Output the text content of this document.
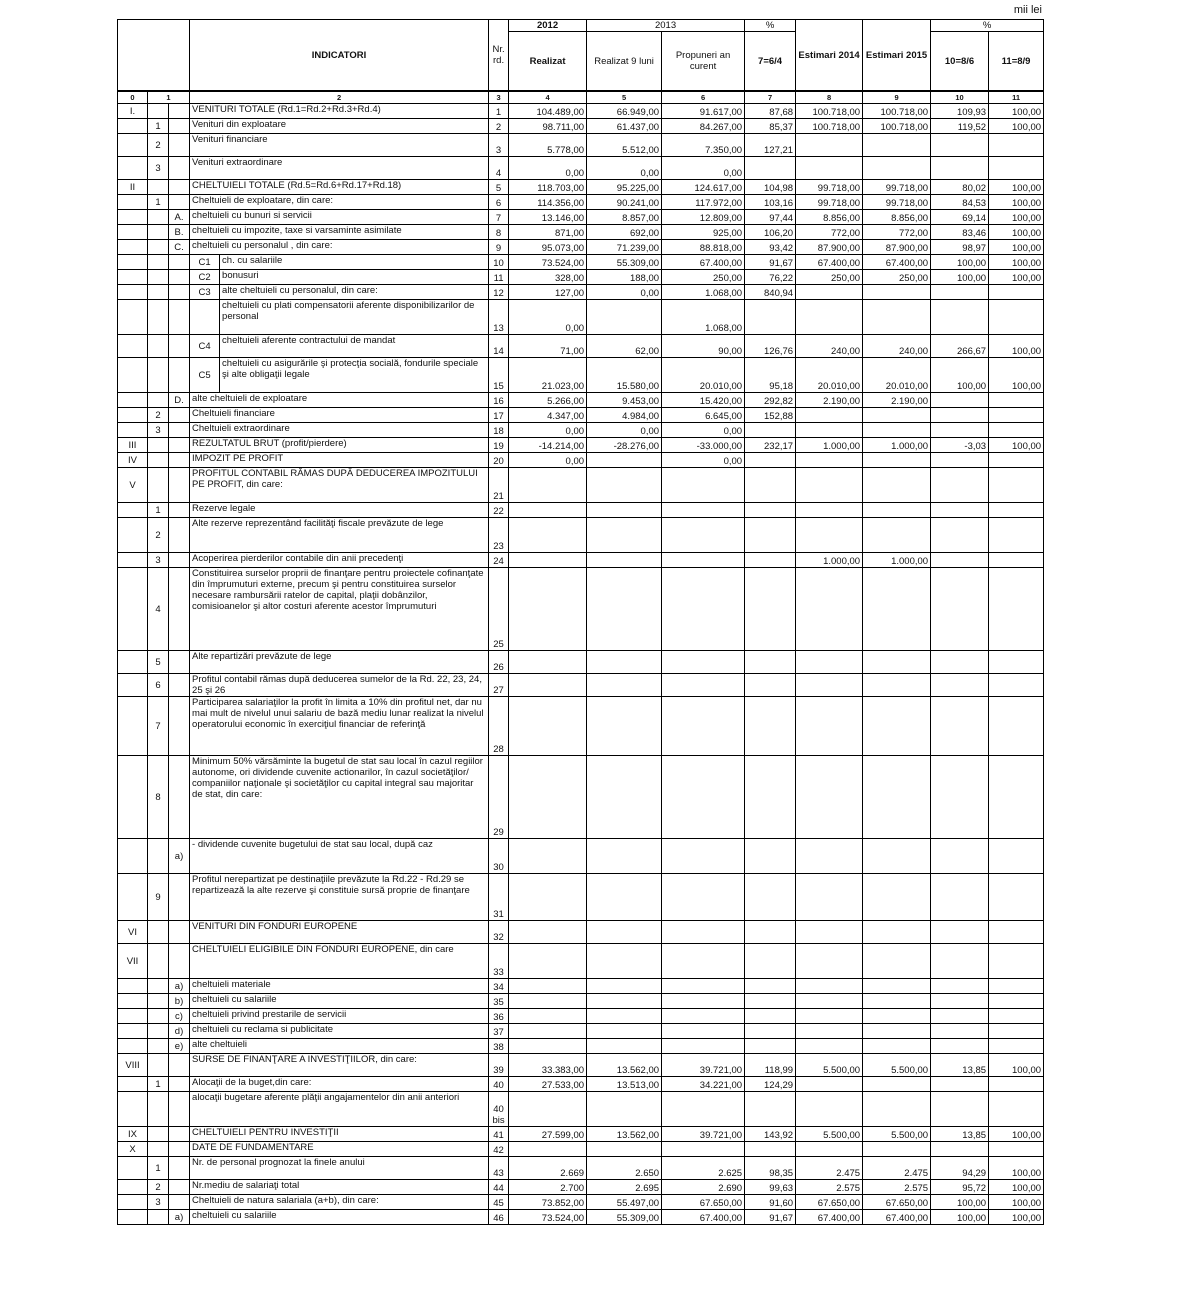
mii lei
			INDICATORI		Nr. rd.	2012	2013		%	Estimari 2014	Estimari 2015	%	
						Realizat	Realizat 9 luni	Propuneri an curent	7=6/4			10=8/6	11=8/9
0	1		2		3	4	5	6	7	8	9	10	11
I.			VENITURI TOTALE (Rd.1=Rd.2+Rd.3+Rd.4)		1	104.489,00	66.949,00	91.617,00	87,68	100.718,00	100.718,00	109,93	100,00
	1		Venituri din exploatare		2	98.711,00	61.437,00	84.267,00	85,37	100.718,00	100.718,00	119,52	100,00
	2		Venituri financiare		3	5.778,00	5.512,00	7.350,00	127,21				
	3		Venituri extraordinare		4	0,00	0,00	0,00					
II			CHELTUIELI TOTALE (Rd.5=Rd.6+Rd.17+Rd.18)		5	118.703,00	95.225,00	124.617,00	104,98	99.718,00	99.718,00	80,02	100,00
	1		Cheltuieli de exploatare, din care:		6	114.356,00	90.241,00	117.972,00	103,16	99.718,00	99.718,00	84,53	100,00
		A.	cheltuieli cu bunuri si servicii		7	13.146,00	8.857,00	12.809,00	97,44	8.856,00	8.856,00	69,14	100,00
		B.	cheltuieli cu impozite, taxe si varsaminte asimilate		8	871,00	692,00	925,00	106,20	772,00	772,00	83,46	100,00
		C.	cheltuieli cu personalul , din care:		9	95.073,00	71.239,00	88.818,00	93,42	87.900,00	87.900,00	98,97	100,00
			C1	ch. cu salariile	10	73.524,00	55.309,00	67.400,00	91,67	67.400,00	67.400,00	100,00	100,00
			C2	bonusuri	11	328,00	188,00	250,00	76,22	250,00	250,00	100,00	100,00
			C3	alte cheltuieli cu personalul, din care:	12	127,00	0,00	1.068,00	840,94				
				cheltuieli cu plati compensatorii aferente disponibilizarilor de personal	13	0,00		1.068,00					
			C4	cheltuieli aferente contractului de mandat	14	71,00	62,00	90,00	126,76	240,00	240,00	266,67	100,00
			C5	cheltuieli cu asigurările şi protecţia socială, fondurile speciale şi alte obligaţii legale	15	21.023,00	15.580,00	20.010,00	95,18	20.010,00	20.010,00	100,00	100,00
		D.	alte cheltuieli de exploatare		16	5.266,00	9.453,00	15.420,00	292,82	2.190,00	2.190,00		
	2		Cheltuieli financiare		17	4.347,00	4.984,00	6.645,00	152,88				
	3		Cheltuieli extraordinare		18	0,00	0,00	0,00					
III			REZULTATUL BRUT (profit/pierdere)		19	-14.214,00	-28.276,00	-33.000,00	232,17	1.000,00	1.000,00	-3,03	100,00
IV			IMPOZIT PE PROFIT		20	0,00		0,00					
V			PROFITUL CONTABIL RĂMAS DUPĂ DEDUCEREA IMPOZITULUI PE PROFIT, din care:		21								
	1		Rezerve legale		22								
	2		Alte rezerve reprezentând facilităţi fiscale prevăzute de lege		23								
	3		Acoperirea pierderilor contabile din anii precedenţi		24					1.000,00	1.000,00		
	4		Constituirea surselor proprii de finanţare pentru proiectele cofinanţate din împrumuturi externe, precum şi pentru constituirea surselor necesare rambursării ratelor de capital, plaţii dobânzilor, comisioanelor şi altor costuri aferente acestor împrumuturi		25								
	5		Alte repartizări prevăzute de lege		26								
	6		Profitul contabil rămas după deducerea sumelor de la Rd. 22, 23, 24, 25 şi 26		27								
	7		Participarea salariaţilor la profit în limita a 10% din profitul net, dar nu mai mult de nivelul unui salariu de bază mediu lunar realizat la nivelul operatorului economic în exerciţiul financiar de referinţă		28								
	8		Minimum 50% vărsăminte la bugetul de stat sau local în cazul regiilor autonome, ori dividende cuvenite actionarilor, în cazul societăţilor/ companiilor naţionale şi societăţilor cu capital integral sau majoritar de stat, din care:		29								
		a)	- dividende cuvenite bugetului de stat sau local, după caz		30								
	9		Profitul nerepartizat pe destinaţiile prevăzute la Rd.22 - Rd.29 se repartizează la alte rezerve şi constituie sursă proprie de finanţare		31								
VI			VENITURI DIN FONDURI EUROPENE		32								
VII			CHELTUIELI ELIGIBILE DIN FONDURI EUROPENE, din care		33								
		a)	cheltuieli materiale		34								
		b)	cheltuieli cu salariile		35								
		c)	cheltuieli privind prestarile de servicii		36								
		d)	cheltuieli cu reclama si publicitate		37								
		e)	alte cheltuieli		38								
VIII			SURSE DE FINANŢARE A INVESTIŢIILOR, din care:		39	33.383,00	13.562,00	39.721,00	118,99	5.500,00	5.500,00	13,85	100,00
	1		Alocaţii de la buget,din care:		40	27.533,00	13.513,00	34.221,00	124,29				
			alocaţii bugetare aferente plăţii angajamentelor din anii anteriori		40 bis								
IX			CHELTUIELI PENTRU INVESTIŢII		41	27.599,00	13.562,00	39.721,00	143,92	5.500,00	5.500,00	13,85	100,00
X			DATE DE FUNDAMENTARE		42								
	1		Nr. de personal prognozat la finele anului		43	2.669	2.650	2.625	98,35	2.475	2.475	94,29	100,00
	2		Nr.mediu de salariaţi total		44	2.700	2.695	2.690	99,63	2.575	2.575	95,72	100,00
	3		Cheltuieli de natura salariala (a+b), din care:		45	73.852,00	55.497,00	67.650,00	91,60	67.650,00	67.650,00	100,00	100,00
		a)	cheltuieli cu salariile		46	73.524,00	55.309,00	67.400,00	91,67	67.400,00	67.400,00	100,00	100,00
